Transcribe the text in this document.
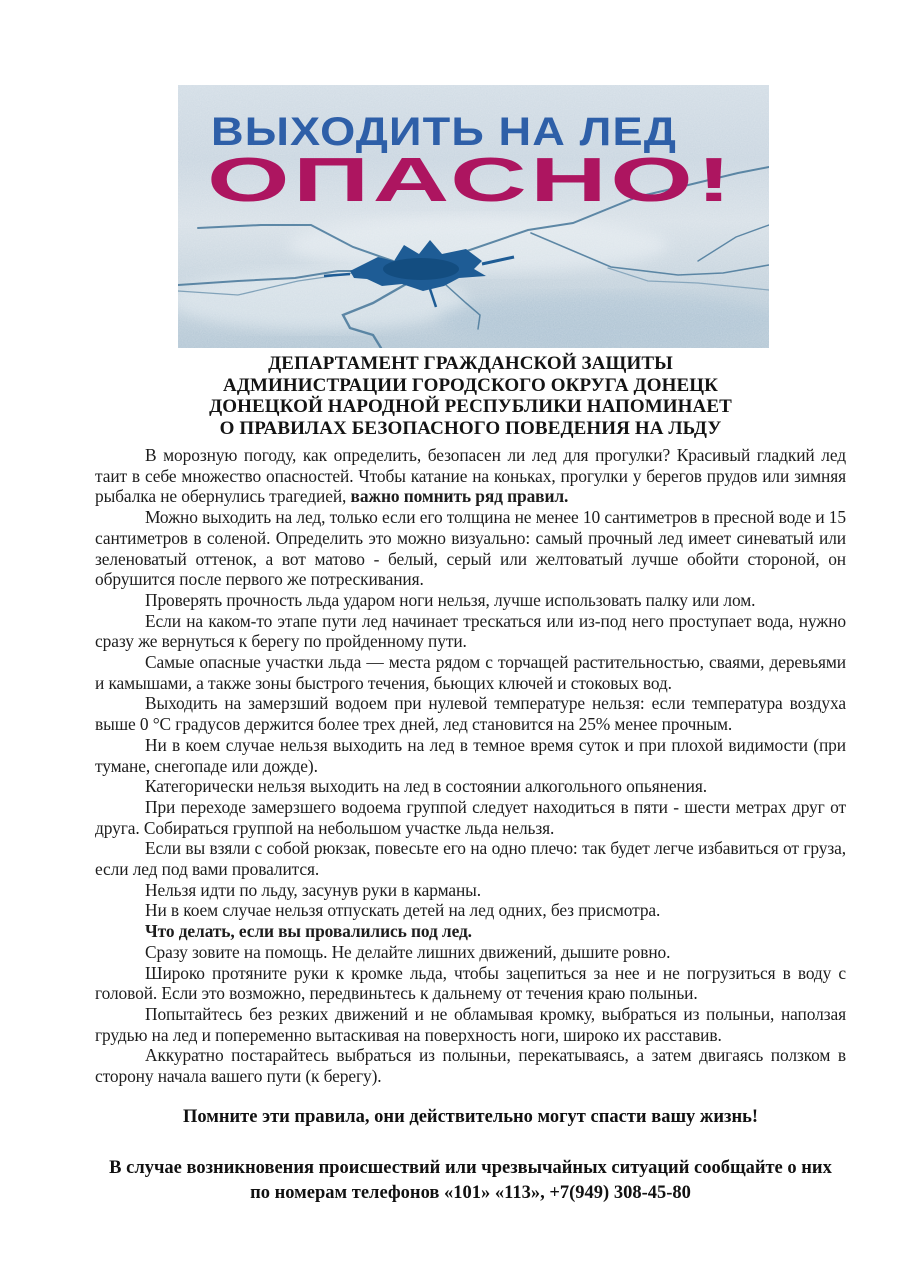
ВЫХОДИТЬ НА ЛЕД
ОПАСНО!
ДЕПАРТАМЕНТ ГРАЖДАНСКОЙ ЗАЩИТЫ
АДМИНИСТРАЦИИ ГОРОДСКОГО ОКРУГА ДОНЕЦК
ДОНЕЦКОЙ НАРОДНОЙ РЕСПУБЛИКИ НАПОМИНАЕТ
О ПРАВИЛАХ БЕЗОПАСНОГО ПОВЕДЕНИЯ НА ЛЬДУ

В морозную погоду, как определить, безопасен ли лед для прогулки? Красивый гладкий лед таит в себе множество опасностей. Чтобы катание на коньках, прогулки у берегов прудов или зимняя рыбалка не обернулись трагедией, важно помнить ряд правил.

Можно выходить на лед, только если его толщина не менее 10 сантиметров в пресной воде и 15 сантиметров в соленой. Определить это можно визуально: самый прочный лед имеет синеватый или зеленоватый оттенок, а вот матово - белый, серый или желтоватый лучше обойти стороной, он обрушится после первого же потрескивания.

Проверять прочность льда ударом ноги нельзя, лучше использовать палку или лом.

Если на каком-то этапе пути лед начинает трескаться или из-под него проступает вода, нужно сразу же вернуться к берегу по пройденному пути.

Самые опасные участки льда — места рядом с торчащей растительностью, сваями, деревьями и камышами, а также зоны быстрого течения, бьющих ключей и стоковых вод.

Выходить на замерзший водоем при нулевой температуре нельзя: если температура воздуха выше 0 °С градусов держится более трех дней, лед становится на 25% менее прочным.

Ни в коем случае нельзя выходить на лед в темное время суток и при плохой видимости (при тумане, снегопаде или дожде).

Категорически нельзя выходить на лед в состоянии алкогольного опьянения.

При переходе замерзшего водоема группой следует находиться в пяти - шести метрах друг от друга. Собираться группой на небольшом участке льда нельзя.

Если вы взяли с собой рюкзак, повесьте его на одно плечо: так будет легче избавиться от груза, если лед под вами провалится.

Нельзя идти по льду, засунув руки в карманы.

Ни в коем случае нельзя отпускать детей на лед одних, без присмотра.

Что делать, если вы провалились под лед.

Сразу зовите на помощь. Не делайте лишних движений, дышите ровно.

Широко протяните руки к кромке льда, чтобы зацепиться за нее и не погрузиться в воду с головой. Если это возможно, передвиньтесь к дальнему от течения краю полыньи.

Попытайтесь без резких движений и не обламывая кромку, выбраться из полыньи, наползая грудью на лед и попеременно вытаскивая на поверхность ноги, широко их расставив.

Аккуратно постарайтесь выбраться из полыньи, перекатываясь, а затем двигаясь ползком в сторону начала вашего пути (к берегу).

Помните эти правила, они действительно могут спасти вашу жизнь!

В случае возникновения происшествий или чрезвычайных ситуаций сообщайте о них
по номерам телефонов «101» «113», +7(949) 308-45-80
